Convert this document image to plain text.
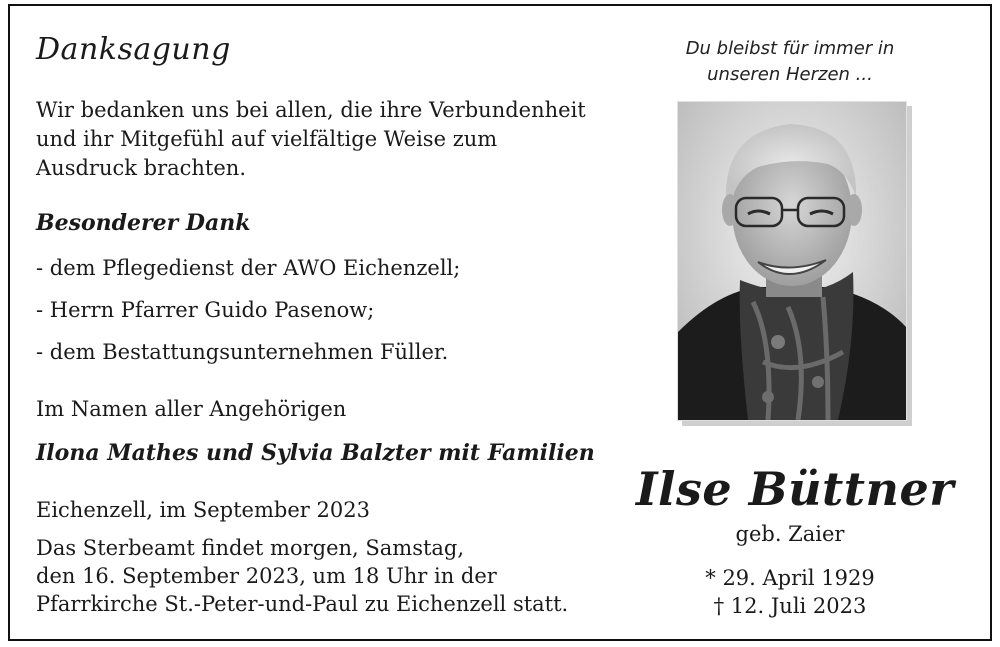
Danksagung
Wir bedanken uns bei allen, die ihre Verbundenheit
und ihr Mitgefühl auf vielfältige Weise zum
Ausdruck brachten.
Besonderer Dank
- dem Pflegedienst der AWO Eichenzell;
- Herrn Pfarrer Guido Pasenow;
- dem Bestattungsunternehmen Füller.
Im Namen aller Angehörigen
Ilona Mathes und Sylvia Balzter mit Familien
Eichenzell, im September 2023
Das Sterbeamt findet morgen, Samstag,
den 16. September 2023, um 18 Uhr in der
Pfarrkirche St.-Peter-und-Paul zu Eichenzell statt.
Du bleibst für immer in
unseren Herzen ...
Ilse Büttner
geb. Zaier
* 29. April 1929
† 12. Juli 2023
